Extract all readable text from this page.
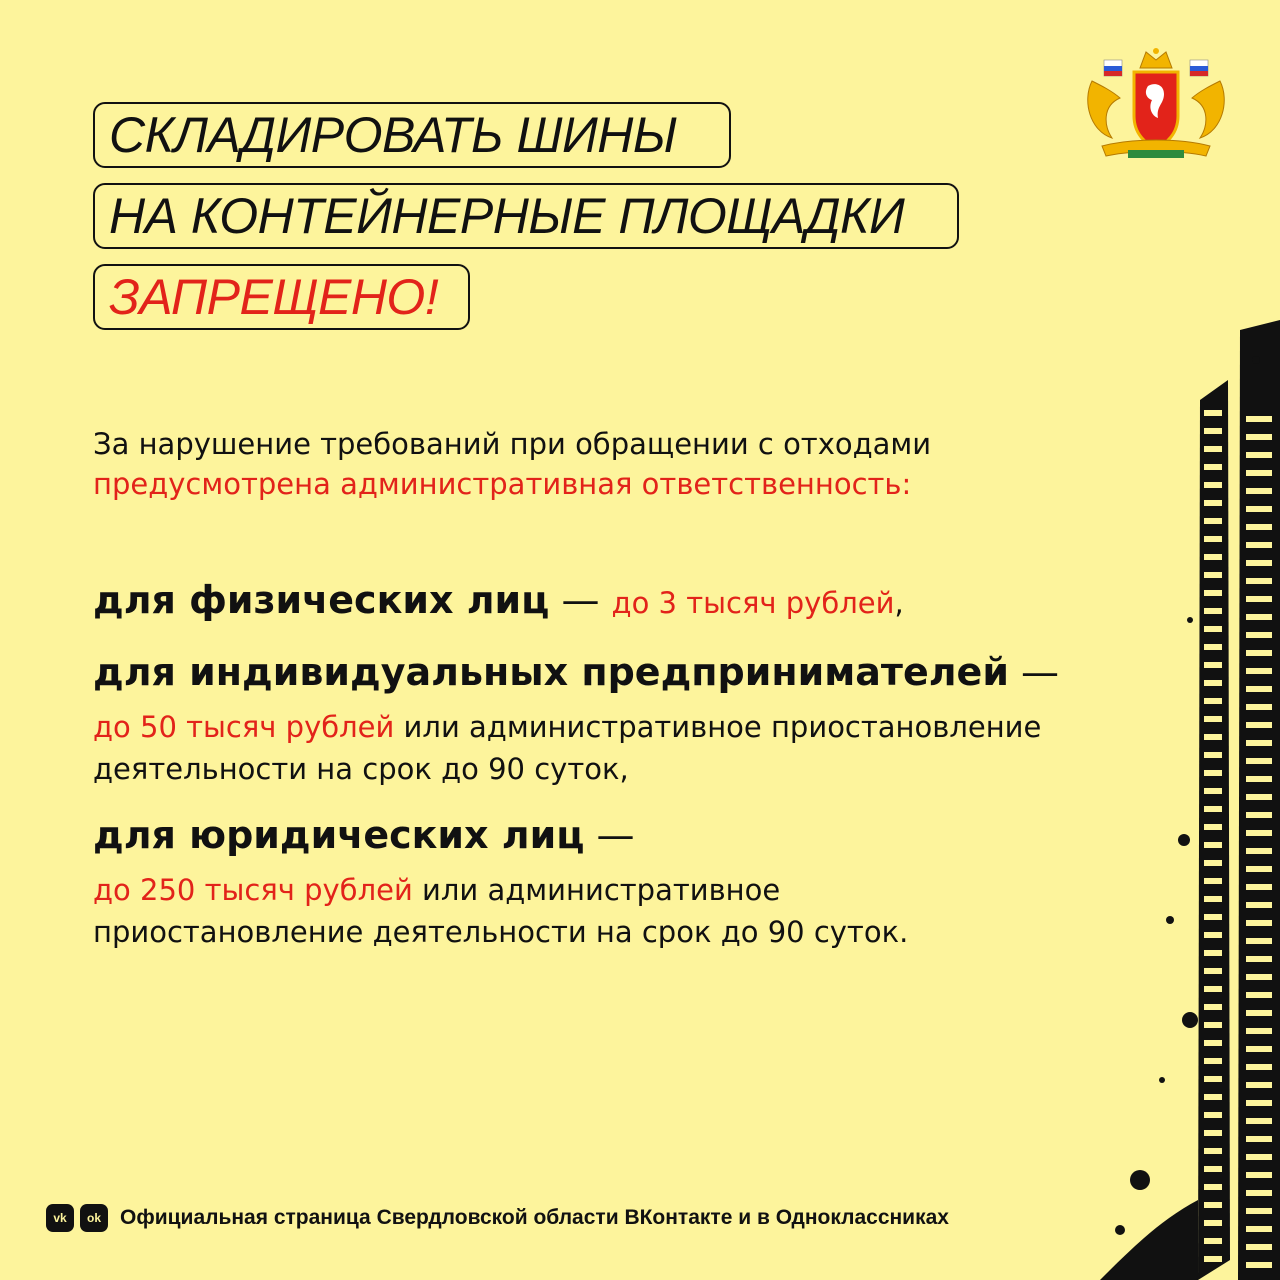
СКЛАДИРОВАТЬ ШИНЫ
НА КОНТЕЙНЕРНЫЕ ПЛОЩАДКИ
ЗАПРЕЩЕНО!
За нарушение требований при обращении с отходами
предусмотрена административная ответственность:
для физических лиц — до 3 тысяч рублей,
для индивидуальных предпринимателей —
до 50 тысяч рублей или административное приостановление
деятельности на срок до 90 суток,
для юридических лиц —
до 250 тысяч рублей или административное
приостановление деятельности на срок до 90 суток.
vk ok Официальная страница Свердловской области ВКонтакте и в Одноклассниках
